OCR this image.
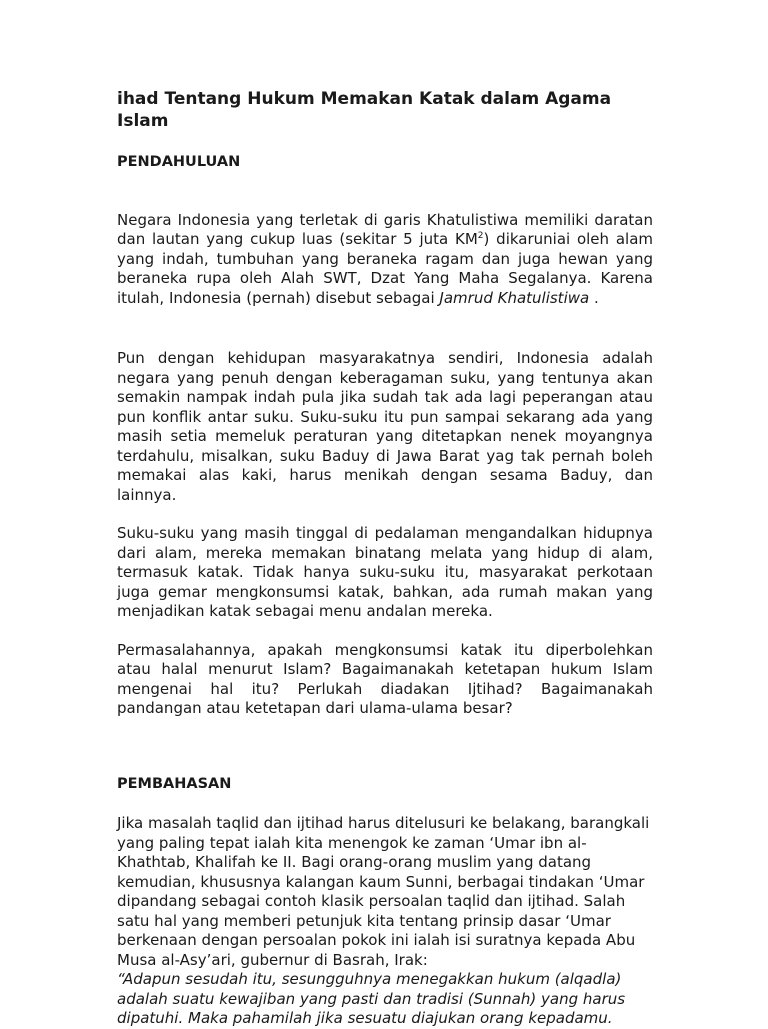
ihad Tentang Hukum Memakan Katak dalam Agama Islam
PENDAHULUAN

Negara Indonesia yang terletak di garis Khatulistiwa memiliki daratan dan lautan yang cukup luas (sekitar 5 juta $KM^2$) dikaruniai oleh alam yang indah, tumbuhan yang beraneka ragam dan juga hewan yang beraneka rupa oleh Alah SWT, Dzat Yang Maha Segalanya. Karena itulah, Indonesia (pernah) disebut sebagai Jamrud Khatulistiwa .

Pun dengan kehidupan masyarakatnya sendiri, Indonesia adalah negara yang penuh dengan keberagaman suku, yang tentunya akan semakin nampak indah pula jika sudah tak ada lagi peperangan atau pun konflik antar suku. Suku-suku itu pun sampai sekarang ada yang masih setia memeluk peraturan yang ditetapkan nenek moyangnya terdahulu, misalkan, suku Baduy di Jawa Barat yag tak pernah boleh memakai alas kaki, harus menikah dengan sesama Baduy, dan lainnya.

Suku-suku yang masih tinggal di pedalaman mengandalkan hidupnya dari alam, mereka memakan binatang melata yang hidup di alam, termasuk katak. Tidak hanya suku-suku itu, masyarakat perkotaan juga gemar mengkonsumsi katak, bahkan, ada rumah makan yang menjadikan katak sebagai menu andalan mereka.

Permasalahannya, apakah mengkonsumsi katak itu diperbolehkan atau halal menurut Islam? Bagaimanakah ketetapan hukum Islam mengenai hal itu? Perlukah diadakan Ijtihad? Bagaimanakah pandangan atau ketetapan dari ulama-ulama besar?

PEMBAHASAN

Jika masalah taqlid dan ijtihad harus ditelusuri ke belakang, barangkali yang paling tepat ialah kita menengok ke zaman ‘Umar ibn al-Khathtab, Khalifah ke II. Bagi orang-orang muslim yang datang kemudian, khususnya kalangan kaum Sunni, berbagai tindakan ‘Umar dipandang sebagai contoh klasik persoalan taqlid dan ijtihad. Salah satu hal yang memberi petunjuk kita tentang prinsip dasar ‘Umar berkenaan dengan persoalan pokok ini ialah isi suratnya kepada Abu Musa al-Asy’ari, gubernur di Basrah, Irak:

“Adapun sesudah itu, sesungguhnya menegakkan hukum (alqadla) adalah suatu kewajiban yang pasti dan tradisi (Sunnah) yang harus dipatuhi. Maka pahamilah jika sesuatu diajukan orang kepadamu.
